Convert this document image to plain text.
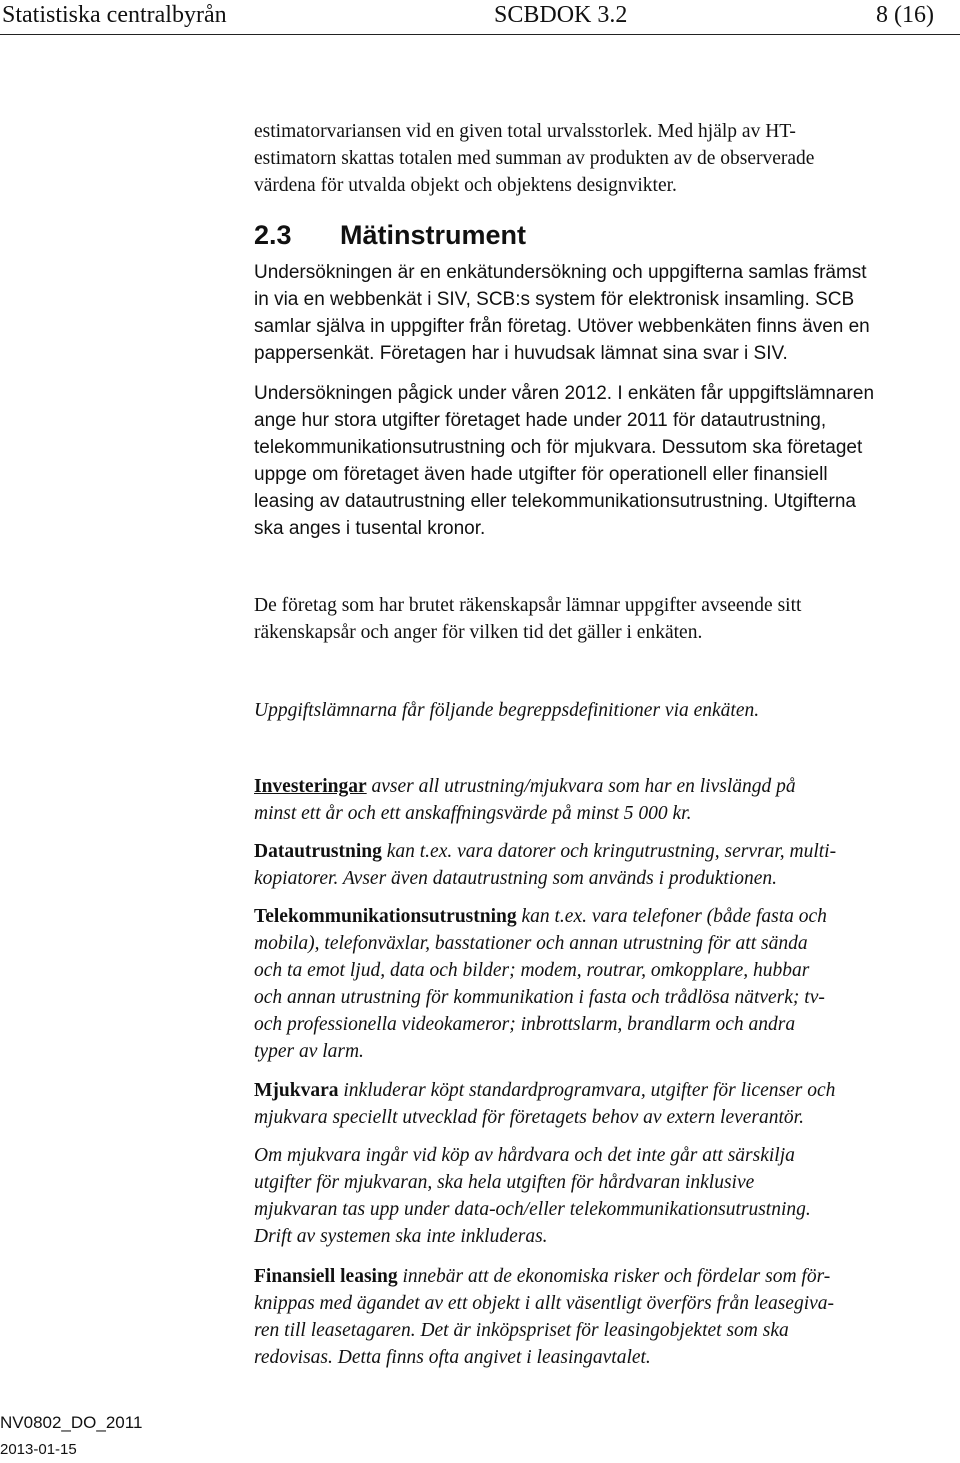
Statistiska centralbyrån	SCBDOK 3.2	8 (16)
estimatorvariansen vid en given total urvalsstorlek. Med hjälp av HT-
estimatorn skattas totalen med summan av produkten av de observerade
värdena för utvalda objekt och objektens designvikter.
2.3 Mätinstrument
Undersökningen är en enkätundersökning och uppgifterna samlas främst
in via en webbenkät i SIV, SCB:s system för elektronisk insamling. SCB
samlar själva in uppgifter från företag. Utöver webbenkäten finns även en
pappersenkät. Företagen har i huvudsak lämnat sina svar i SIV.
Undersökningen pågick under våren 2012. I enkäten får uppgiftslämnaren
ange hur stora utgifter företaget hade under 2011 för datautrustning,
telekommunikationsutrustning och för mjukvara. Dessutom ska företaget
uppge om företaget även hade utgifter för operationell eller finansiell
leasing av datautrustning eller telekommunikationsutrustning. Utgifterna
ska anges i tusental kronor.
De företag som har brutet räkenskapsår lämnar uppgifter avseende sitt
räkenskapsår och anger för vilken tid det gäller i enkäten.
Uppgiftslämnarna får följande begreppsdefinitioner via enkäten.
Investeringar avser all utrustning/mjukvara som har en livslängd på
minst ett år och ett anskaffningsvärde på minst 5 000 kr.
Datautrustning kan t.ex. vara datorer och kringutrustning, servrar, multi-
kopiatorer. Avser även datautrustning som används i produktionen.
Telekommunikationsutrustning kan t.ex. vara telefoner (både fasta och
mobila), telefonväxlar, basstationer och annan utrustning för att sända
och ta emot ljud, data och bilder; modem, routrar, omkopplare, hubbar
och annan utrustning för kommunikation i fasta och trådlösa nätverk; tv-
och professionella videokameror; inbrottslarm, brandlarm och andra
typer av larm.
Mjukvara inkluderar köpt standardprogramvara, utgifter för licenser och
mjukvara speciellt utvecklad för företagets behov av extern leverantör.
Om mjukvara ingår vid köp av hårdvara och det inte går att särskilja
utgifter för mjukvaran, ska hela utgiften för hårdvaran inklusive
mjukvaran tas upp under data-och/eller telekommunikationsutrustning.
Drift av systemen ska inte inkluderas.
Finansiell leasing innebär att de ekonomiska risker och fördelar som för-
knippas med ägandet av ett objekt i allt väsentligt överförs från leasegiva-
ren till leasetagaren. Det är inköpspriset för leasingobjektet som ska
redovisas. Detta finns ofta angivet i leasingavtalet.
NV0802_DO_2011
2013-01-15
